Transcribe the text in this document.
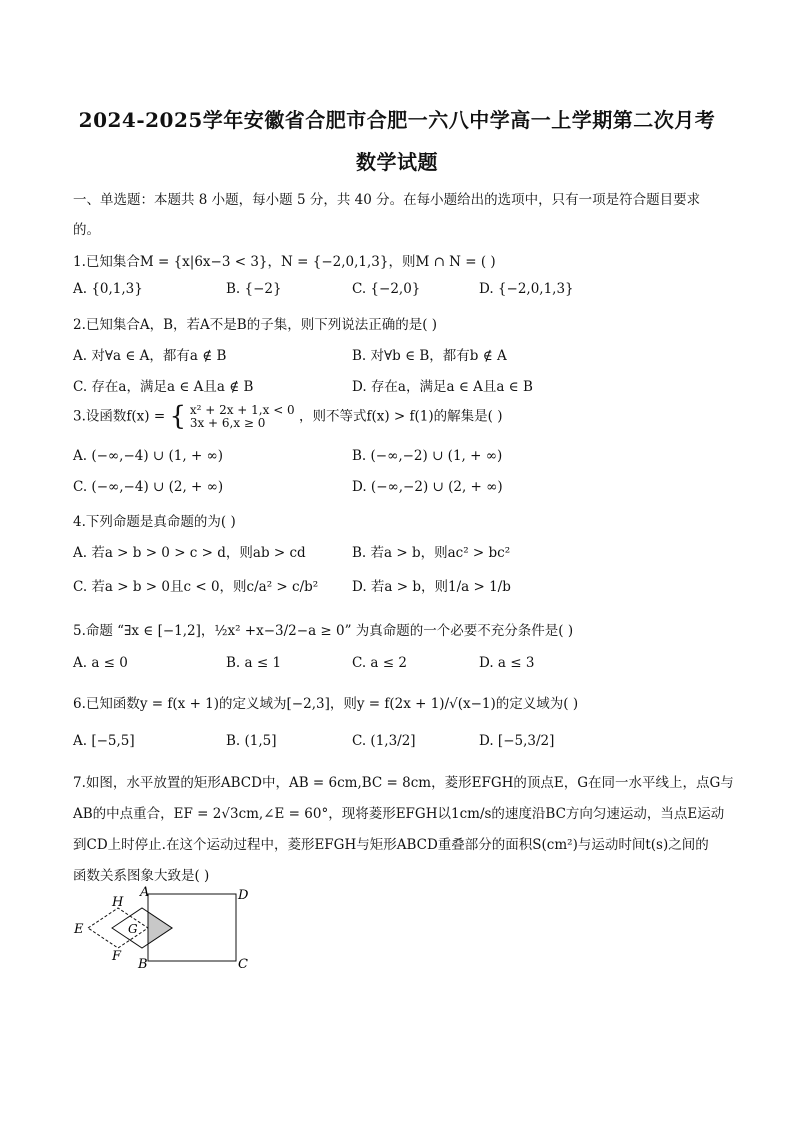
2024-2025学年安徽省合肥市合肥一六八中学高一上学期第二次月考
数学试题
一、单选题：本题共 8 小题，每小题 5 分，共 40 分。在每小题给出的选项中，只有一项是符合题目要求
的。
1.已知集合M = {x|6x−3 < 3}，N = {−2,0,1,3}，则M ∩ N = ( )
A. {0,1,3}	B. {−2}	C. {−2,0}	D. {−2,0,1,3}
2.已知集合A，B，若A不是B的子集，则下列说法正确的是( )
A. 对∀a ∈ A，都有a ∉ B	B. 对∀b ∈ B，都有b ∉ A
C. 存在a，满足a ∈ A且a ∉ B	D. 存在a，满足a ∈ A且a ∈ B
3.设函数f(x) = { x² + 2x + 1,x < 0
3x + 6,x ≥ 0	，则不等式f(x) > f(1)的解集是( )
A. (−∞,−4) ∪ (1, + ∞)	B. (−∞,−2) ∪ (1, + ∞)
C. (−∞,−4) ∪ (2, + ∞)	D. (−∞,−2) ∪ (2, + ∞)
4.下列命题是真命题的为( )
A. 若a > b > 0 > c > d，则ab > cd	B. 若a > b，则ac² > bc²
C. 若a > b > 0且c < 0，则c/a² > c/b²	D. 若a > b，则1/a > 1/b
5.命题 “∃x ∈ [−1,2]，½x² +x−3/2−a ≥ 0” 为真命题的一个必要不充分条件是( )
A. a ≤ 0	B. a ≤ 1	C. a ≤ 2	D. a ≤ 3
6.已知函数y = f(x + 1)的定义域为[−2,3]，则y = f(2x + 1)/√(x−1)的定义域为( )
A. [−5,5]	B. (1,5]	C. (1,3/2]	D. [−5,3/2]
7.如图，水平放置的矩形ABCD中，AB = 6cm,BC = 8cm，菱形EFGH的顶点E，G在同一水平线上，点G与
AB的中点重合，EF = 2√3cm,∠E = 60°，现将菱形EFGH以1cm/s的速度沿BC方向匀速运动，当点E运动
到CD上时停止.在这个运动过程中，菱形EFGH与矩形ABCD重叠部分的面积S(cm²)与运动时间t(s)之间的
函数关系图象大致是( )
A	D
B	C
E
F
G
H
